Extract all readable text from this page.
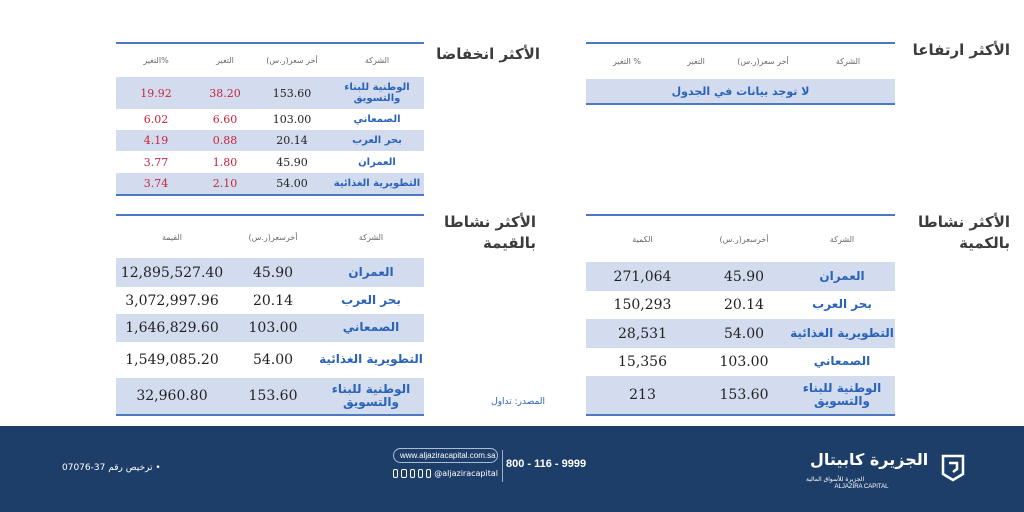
الأكثر ارتفاعا
الأكثر انخفاضا
الأكثر نشاطا
بالقيمة
الأكثر نشاطا
بالكمية
الشركة
أخر سعر(ر.س)
التغير
% التغير
لا توجد بيانات في الجدول
الشركة
أخر سعر(ر.س)
التغير
%التغير
الوطنية للبناء والتسويق
153.60
38.20
19.92
الصمعاني
103.00
6.60
6.02
بحر العرب
20.14
0.88
4.19
العمران
45.90
1.80
3.77
التطويرية الغذائية
54.00
2.10
3.74
الشركة
أخرسعر(ر.س)
القيمة
العمران
45.90
12,895,527.40
بحر العرب
20.14
3,072,997.96
الصمعاني
103.00
1,646,829.60
التطويرية الغذائية
54.00
1,549,085.20
الوطنية للبناء والتسويق
153.60
32,960.80
الشركة
أخرسعر(ر.س)
الكمية
العمران
45.90
271,064
بحر العرب
20.14
150,293
التطويرية الغذائية
54.00
28,531
الصمعاني
103.00
15,356
الوطنية للبناء والتسويق
153.60
213
المصدر: تداول
• ترخيص رقم 37-07076
www.aljaziracapital.com.sa
@aljaziracapital
800 - 116 - 9999	الجزيرة كابيتال
الجزيرة للأسواق المالية
ALJAZIRA CAPITAL
